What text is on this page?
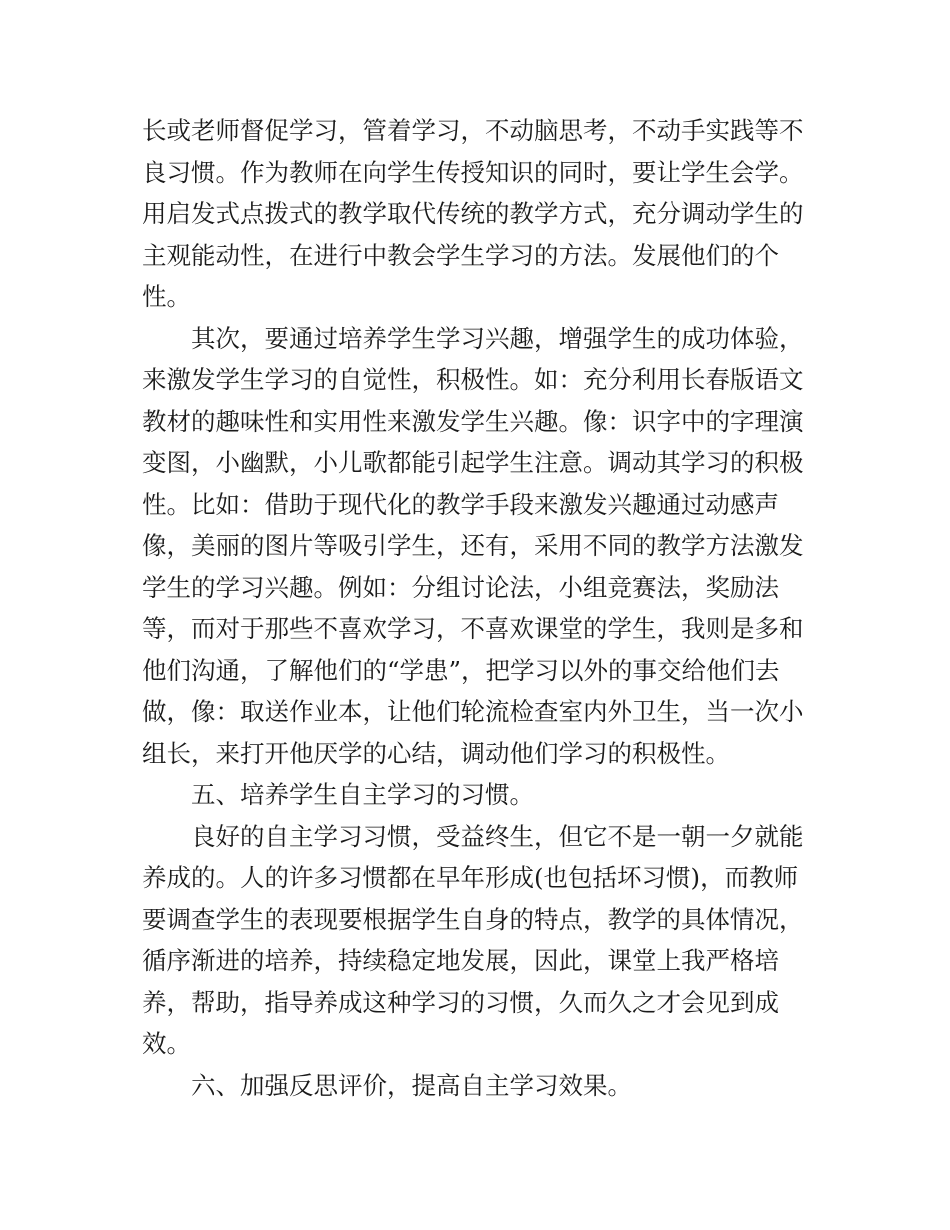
长或老师督促学习，管着学习，不动脑思考，不动手实践等不
良习惯。作为教师在向学生传授知识的同时，要让学生会学。
用启发式点拨式的教学取代传统的教学方式，充分调动学生的
主观能动性，在进行中教会学生学习的方法。发展他们的个
性。
　　其次，要通过培养学生学习兴趣，增强学生的成功体验，
来激发学生学习的自觉性，积极性。如：充分利用长春版语文
教材的趣味性和实用性来激发学生兴趣。像：识字中的字理演
变图，小幽默，小儿歌都能引起学生注意。调动其学习的积极
性。比如：借助于现代化的教学手段来激发兴趣通过动感声
像，美丽的图片等吸引学生，还有，采用不同的教学方法激发
学生的学习兴趣。例如：分组讨论法，小组竞赛法，奖励法
等，而对于那些不喜欢学习，不喜欢课堂的学生，我则是多和
他们沟通，了解他们的“学患”，把学习以外的事交给他们去
做，像：取送作业本，让他们轮流检查室内外卫生，当一次小
组长，来打开他厌学的心结，调动他们学习的积极性。
　　五、培养学生自主学习的习惯。
　　良好的自主学习习惯，受益终生，但它不是一朝一夕就能
养成的。人的许多习惯都在早年形成(也包括坏习惯)，而教师
要调查学生的表现要根据学生自身的特点，教学的具体情况，
循序渐进的培养，持续稳定地发展，因此，课堂上我严格培
养，帮助，指导养成这种学习的习惯，久而久之才会见到成
效。
　　六、加强反思评价，提高自主学习效果。
